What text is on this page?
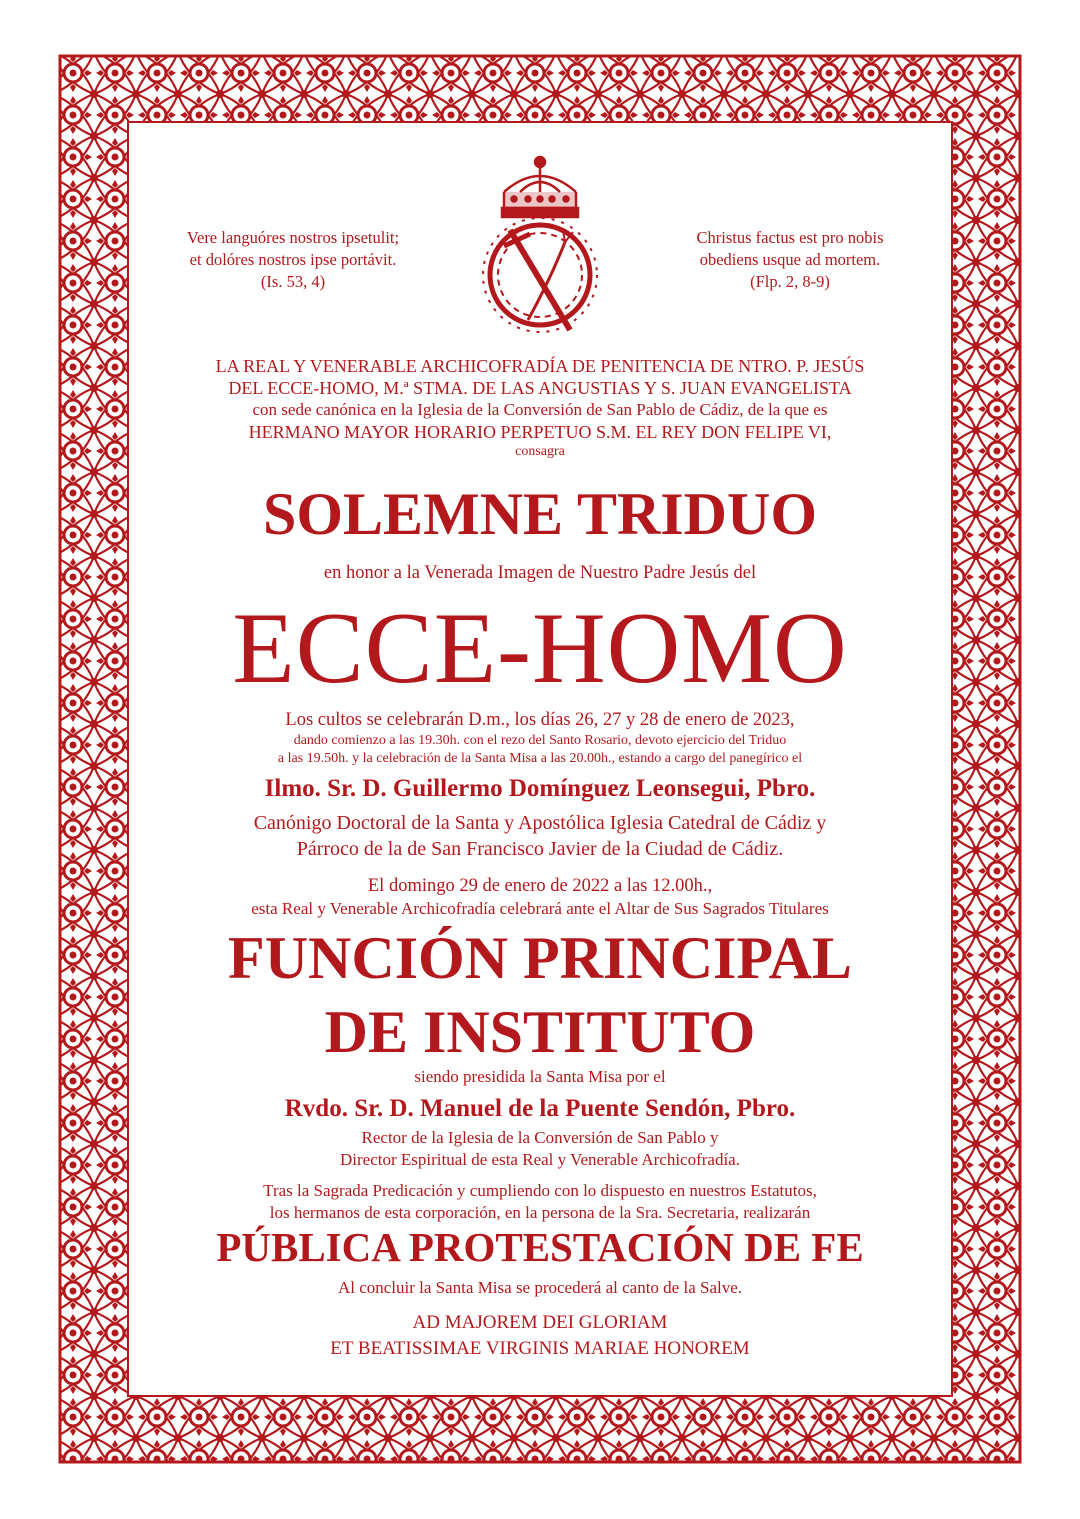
Vere languóres nostros ipsetulit;
et dolóres nostros ipse portávit.
(Is. 53, 4)
Christus factus est pro nobis
obediens usque ad mortem.
(Flp. 2, 8-9)
LA REAL Y VENERABLE ARCHICOFRADÍA DE PENITENCIA DE NTRO. P. JESÚS
DEL ECCE-HOMO, M.ª STMA. DE LAS ANGUSTIAS Y S. JUAN EVANGELISTA
con sede canónica en la Iglesia de la Conversión de San Pablo de Cádiz, de la que es
HERMANO MAYOR HORARIO PERPETUO S.M. EL REY DON FELIPE VI,
consagra
SOLEMNE TRIDUO
en honor a la Venerada Imagen de Nuestro Padre Jesús del
ECCE-HOMO
Los cultos se celebrarán D.m., los días 26, 27 y 28 de enero de 2023,
dando comienzo a las 19.30h. con el rezo del Santo Rosario, devoto ejercicio del Triduo
a las 19.50h. y la celebración de la Santa Misa a las 20.00h., estando a cargo del panegírico el
Ilmo. Sr. D. Guillermo Domínguez Leonsegui, Pbro.
Canónigo Doctoral de la Santa y Apostólica Iglesia Catedral de Cádiz y
Párroco de la de San Francisco Javier de la Ciudad de Cádiz.
El domingo 29 de enero de 2022 a las 12.00h.,
esta Real y Venerable Archicofradía celebrará ante el Altar de Sus Sagrados Titulares
FUNCIÓN PRINCIPAL
DE INSTITUTO
siendo presidida la Santa Misa por el
Rvdo. Sr. D. Manuel de la Puente Sendón, Pbro.
Rector de la Iglesia de la Conversión de San Pablo y
Director Espiritual de esta Real y Venerable Archicofradía.
Tras la Sagrada Predicación y cumpliendo con lo dispuesto en nuestros Estatutos,
los hermanos de esta corporación, en la persona de la Sra. Secretaria, realizarán
PÚBLICA PROTESTACIÓN DE FE
Al concluir la Santa Misa se procederá al canto de la Salve.
AD MAJOREM DEI GLORIAM
ET BEATISSIMAE VIRGINIS MARIAE HONOREM
